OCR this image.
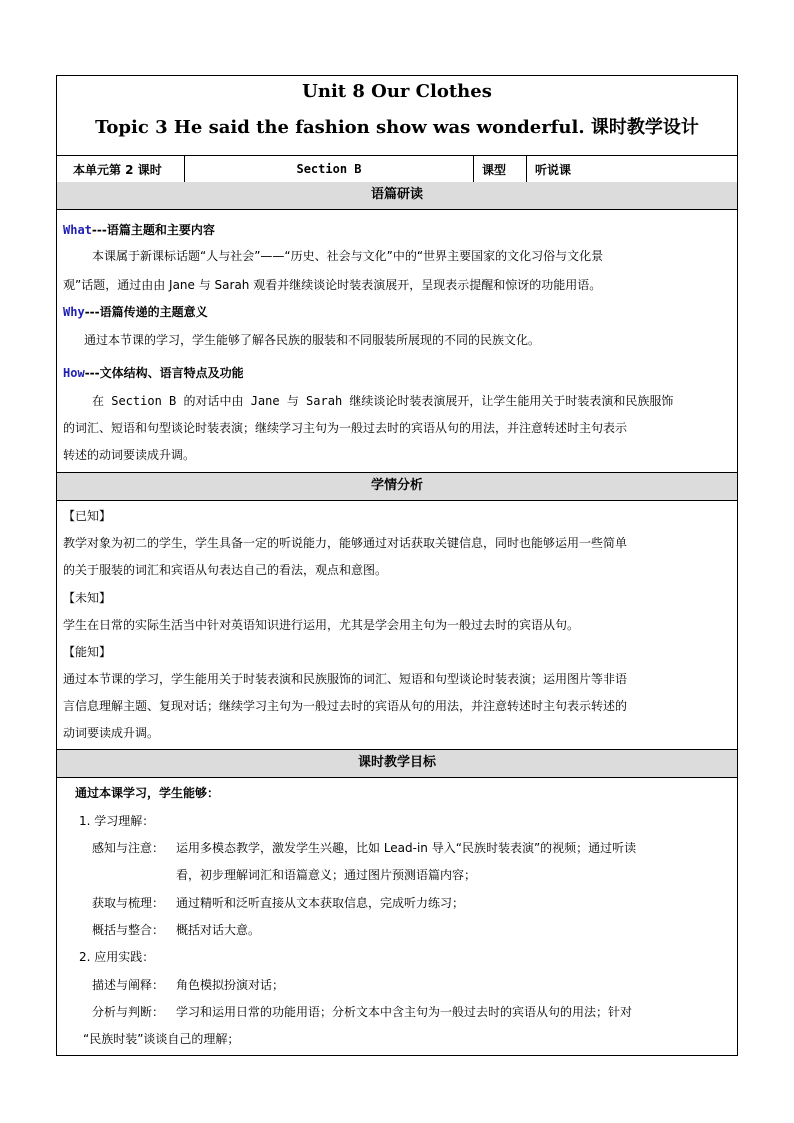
Unit 8 Our Clothes
Topic 3 He said the fashion show was wonderful. 课时教学设计
本单元第 2 课时	Section B	课型	听说课
语篇研读
What---语篇主题和主要内容
本课属于新课标话题“人与社会”——“历史、社会与文化”中的“世界主要国家的文化习俗与文化景
观”话题，通过由由 Jane 与 Sarah 观看并继续谈论时装表演展开，呈现表示提醒和惊讶的功能用语。
Why---语篇传递的主题意义
通过本节课的学习，学生能够了解各民族的服装和不同服装所展现的不同的民族文化。
How---文体结构、语言特点及功能
在 Section B 的对话中由 Jane 与 Sarah 继续谈论时装表演展开，让学生能用关于时装表演和民族服饰
的词汇、短语和句型谈论时装表演；继续学习主句为一般过去时的宾语从句的用法，并注意转述时主句表示
转述的动词要读成升调。
学情分析
【已知】
教学对象为初二的学生，学生具备一定的听说能力，能够通过对话获取关键信息，同时也能够运用一些简单
的关于服装的词汇和宾语从句表达自己的看法，观点和意图。
【未知】
学生在日常的实际生活当中针对英语知识进行运用，尤其是学会用主句为一般过去时的宾语从句。
【能知】
通过本节课的学习，学生能用关于时装表演和民族服饰的词汇、短语和句型谈论时装表演；运用图片等非语
言信息理解主题、复现对话；继续学习主句为一般过去时的宾语从句的用法，并注意转述时主句表示转述的
动词要读成升调。
课时教学目标
通过本课学习，学生能够：
1. 学习理解：
感知与注意： 运用多模态教学，激发学生兴趣，比如 Lead-in 导入“民族时装表演”的视频；通过听读
看，初步理解词汇和语篇意义；通过图片预测语篇内容；
获取与梳理： 通过精听和泛听直接从文本获取信息，完成听力练习；
概括与整合： 概括对话大意。
2. 应用实践：
描述与阐释： 角色模拟扮演对话；
分析与判断： 学习和运用日常的功能用语；分析文本中含主句为一般过去时的宾语从句的用法；针对
“民族时装”谈谈自己的理解；
